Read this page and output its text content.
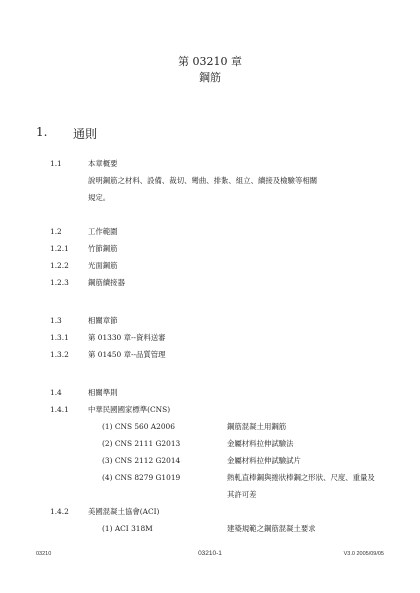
第 03210 章
鋼筋
1. 通則
1.1	本章概要
說明鋼筋之材料、設備、裁切、彎曲、排紮、組立、續接及檢驗等相關
規定。
1.2	工作範圍
1.2.1	竹節鋼筋
1.2.2	光面鋼筋
1.2.3	鋼筋續接器
1.3	相關章節
1.3.1	第 01330 章--資料送審
1.3.2	第 01450 章--品質管理
1.4	相關準則
1.4.1	中華民國國家標準(CNS)
(1) CNS 560 A2006	鋼筋混凝土用鋼筋
(2) CNS 2111 G2013	金屬材料拉伸試驗法
(3) CNS 2112 G2014	金屬材料拉伸試驗試片
(4) CNS 8279 G1019	熱軋直棒鋼與捲狀棒鋼之形狀、尺度、重量及
其許可差
1.4.2	美國混凝土協會(ACI)
(1) ACI 318M	建築規範之鋼筋混凝土要求
03210	03210-1	V3.0 2005/09/05
